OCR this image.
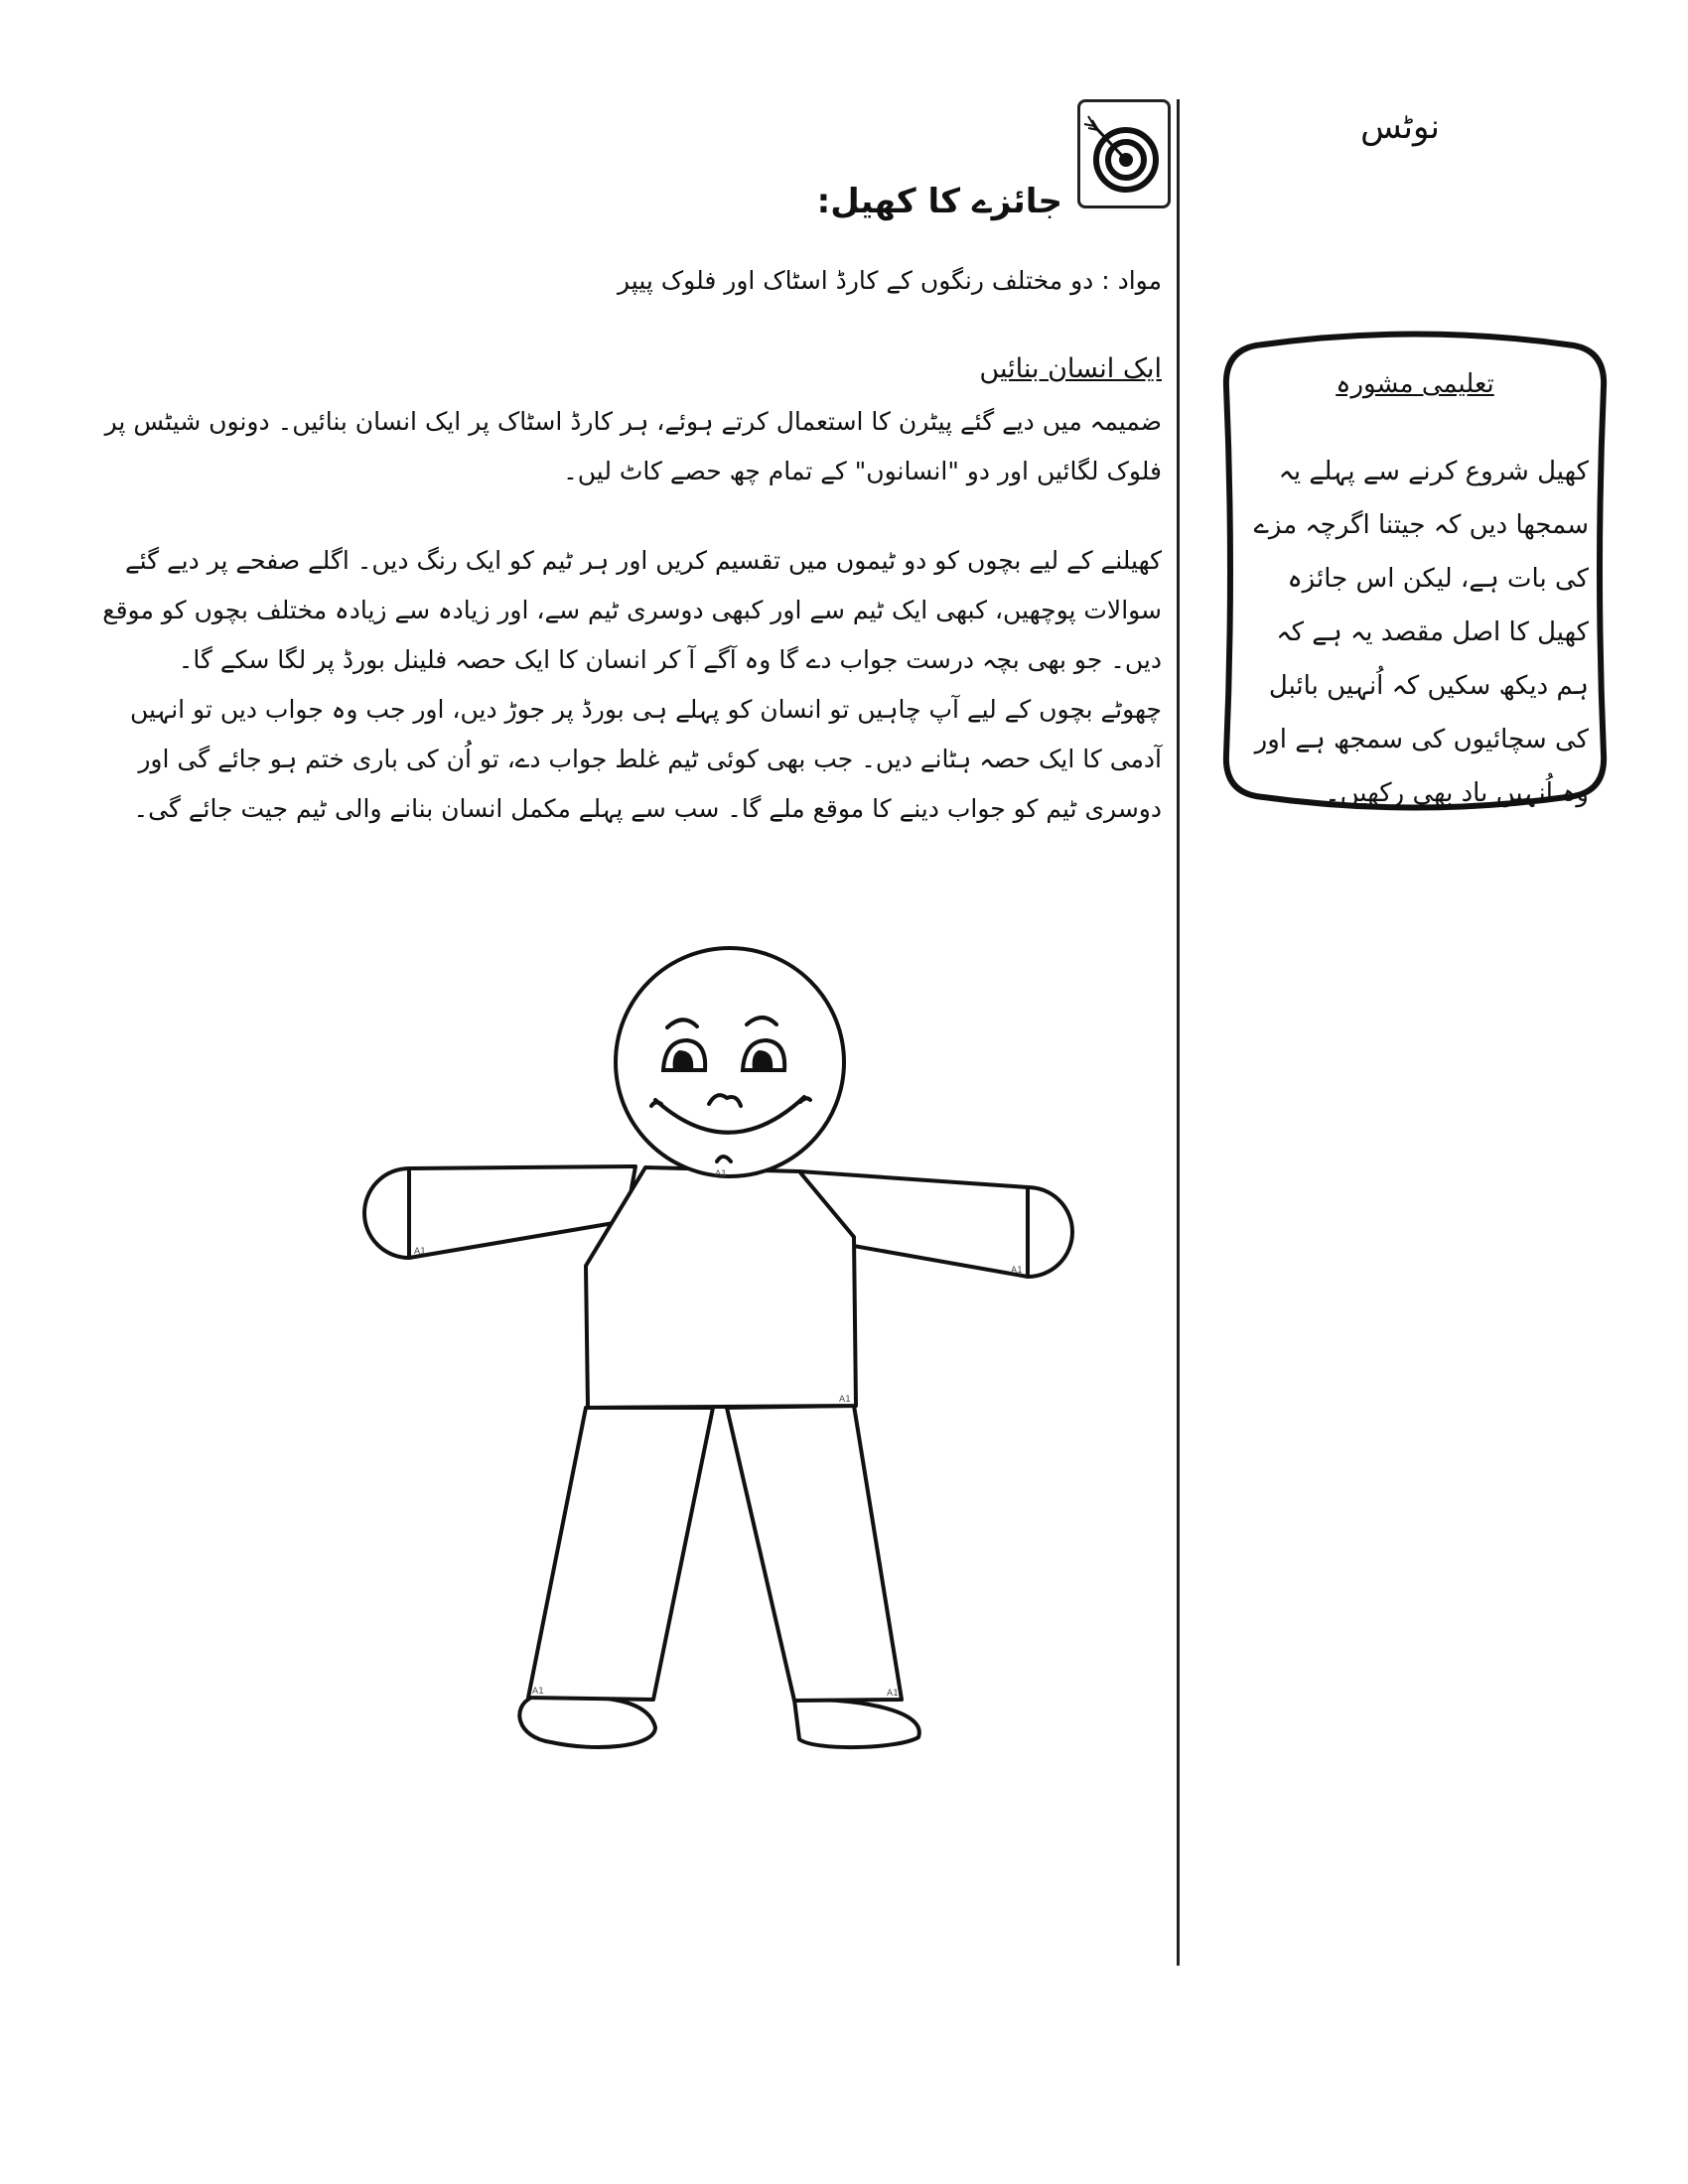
نوٹس
جائزے کا کھیل:
مواد : دو مختلف رنگوں کے کارڈ اسٹاک اور فلوک پیپر
ایک انسان بنائیں
ضمیمہ میں دیے گئے پیٹرن کا استعمال کرتے ہوئے، ہر کارڈ اسٹاک پر ایک انسان بنائیں۔ دونوں شیٹس پر فلوک لگائیں اور دو "انسانوں" کے تمام چھ حصے کاٹ لیں۔
کھیلنے کے لیے بچوں کو دو ٹیموں میں تقسیم کریں اور ہر ٹیم کو ایک رنگ دیں۔ اگلے صفحے پر دیے گئے سوالات پوچھیں، کبھی ایک ٹیم سے اور کبھی دوسری ٹیم سے، اور زیادہ سے زیادہ مختلف بچوں کو موقع دیں۔ جو بھی بچہ درست جواب دے گا وہ آگے آ کر انسان کا ایک حصہ فلینل بورڈ پر لگا سکے گا۔
چھوٹے بچوں کے لیے آپ چاہیں تو انسان کو پہلے ہی بورڈ پر جوڑ دیں، اور جب وہ جواب دیں تو انہیں آدمی کا ایک حصہ ہٹانے دیں۔ جب بھی کوئی ٹیم غلط جواب دے، تو اُن کی باری ختم ہو جائے گی اور دوسری ٹیم کو جواب دینے کا موقع ملے گا۔ سب سے پہلے مکمل انسان بنانے والی ٹیم جیت جائے گی۔
تعلیمی مشورہ
کھیل شروع کرنے سے پہلے یہ سمجھا دیں کہ جیتنا اگرچہ مزے کی بات ہے، لیکن اس جائزہ کھیل کا اصل مقصد یہ ہے کہ ہم دیکھ سکیں کہ اُنہیں بائبل کی سچائیوں کی سمجھ ہے اور وہ اُنہیں یاد بھی رکھیں۔
A1
A1
A1
A1
A1	A1
